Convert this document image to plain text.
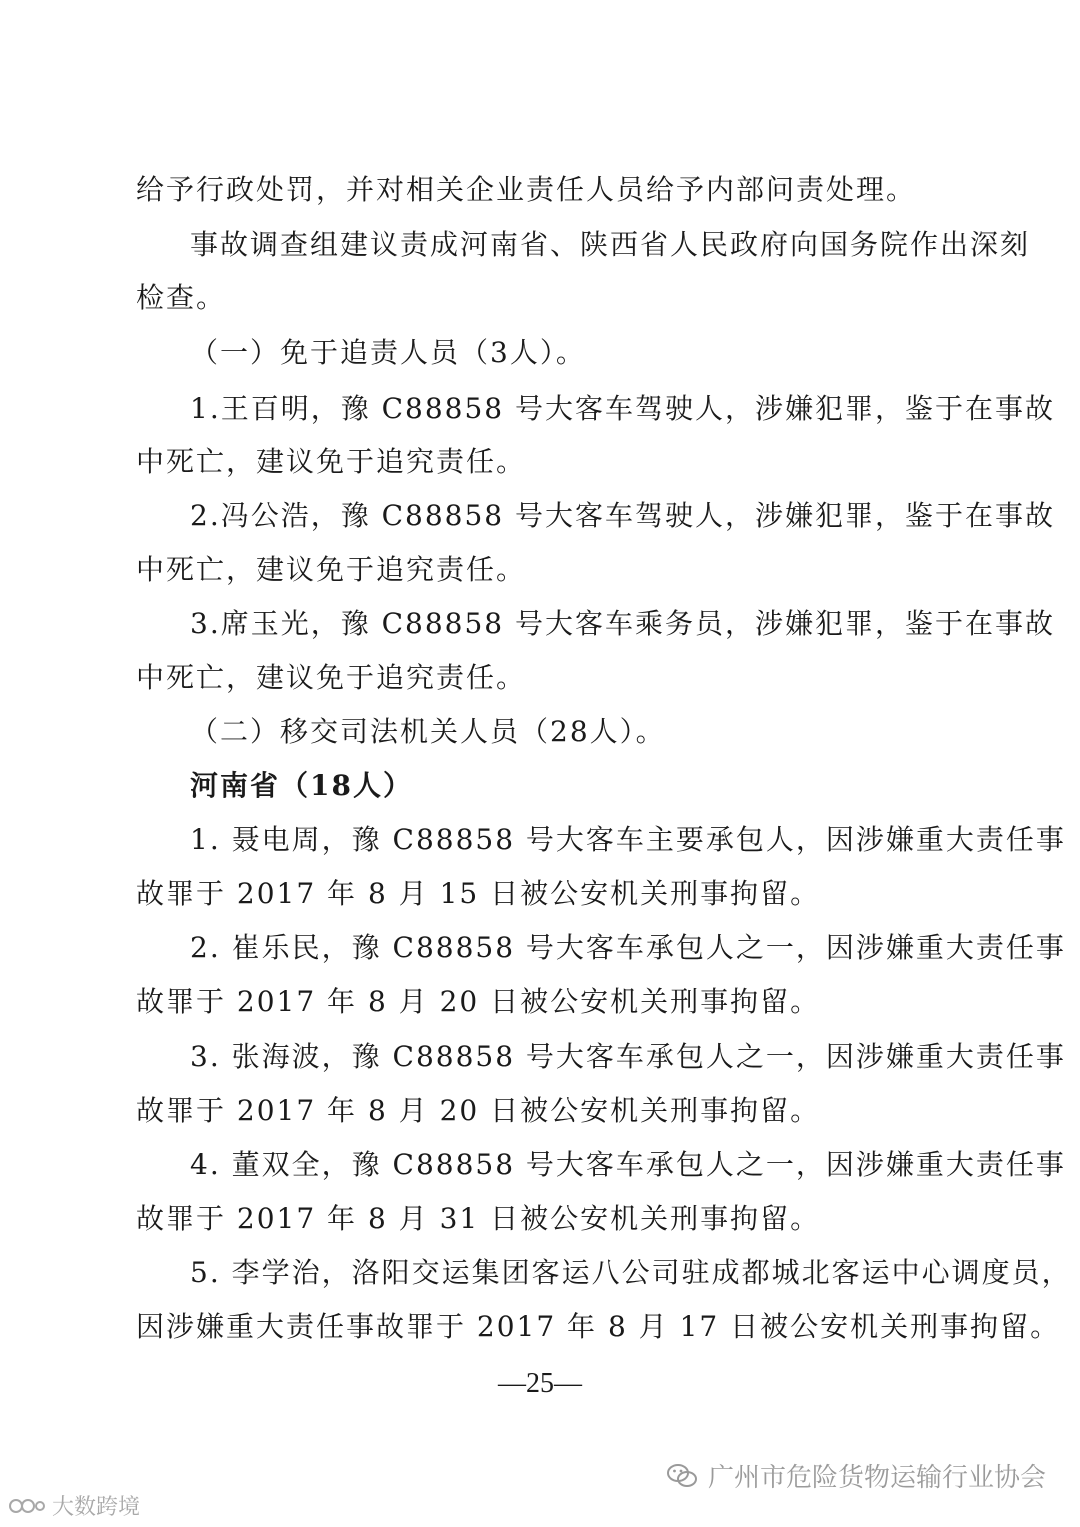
给予行政处罚，并对相关企业责任人员给予内部问责处理。
事故调查组建议责成河南省、陕西省人民政府向国务院作出深刻
检查。
（一）免于追责人员（3人）。
1.王百明，豫 C88858 号大客车驾驶人，涉嫌犯罪，鉴于在事故
中死亡，建议免于追究责任。
2.冯公浩，豫 C88858 号大客车驾驶人，涉嫌犯罪，鉴于在事故
中死亡，建议免于追究责任。
3.席玉光，豫 C88858 号大客车乘务员，涉嫌犯罪，鉴于在事故
中死亡，建议免于追究责任。
（二）移交司法机关人员（28人）。
河南省（18人）
1. 聂电周，豫 C88858 号大客车主要承包人，因涉嫌重大责任事
故罪于 2017 年 8 月 15 日被公安机关刑事拘留。
2. 崔乐民，豫 C88858 号大客车承包人之一，因涉嫌重大责任事
故罪于 2017 年 8 月 20 日被公安机关刑事拘留。
3. 张海波，豫 C88858 号大客车承包人之一，因涉嫌重大责任事
故罪于 2017 年 8 月 20 日被公安机关刑事拘留。
4. 董双全，豫 C88858 号大客车承包人之一，因涉嫌重大责任事
故罪于 2017 年 8 月 31 日被公安机关刑事拘留。
5. 李学治，洛阳交运集团客运八公司驻成都城北客运中心调度员，
因涉嫌重大责任事故罪于 2017 年 8 月 17 日被公安机关刑事拘留。
—25—
广州市危险货物运输行业协会
大数跨境
